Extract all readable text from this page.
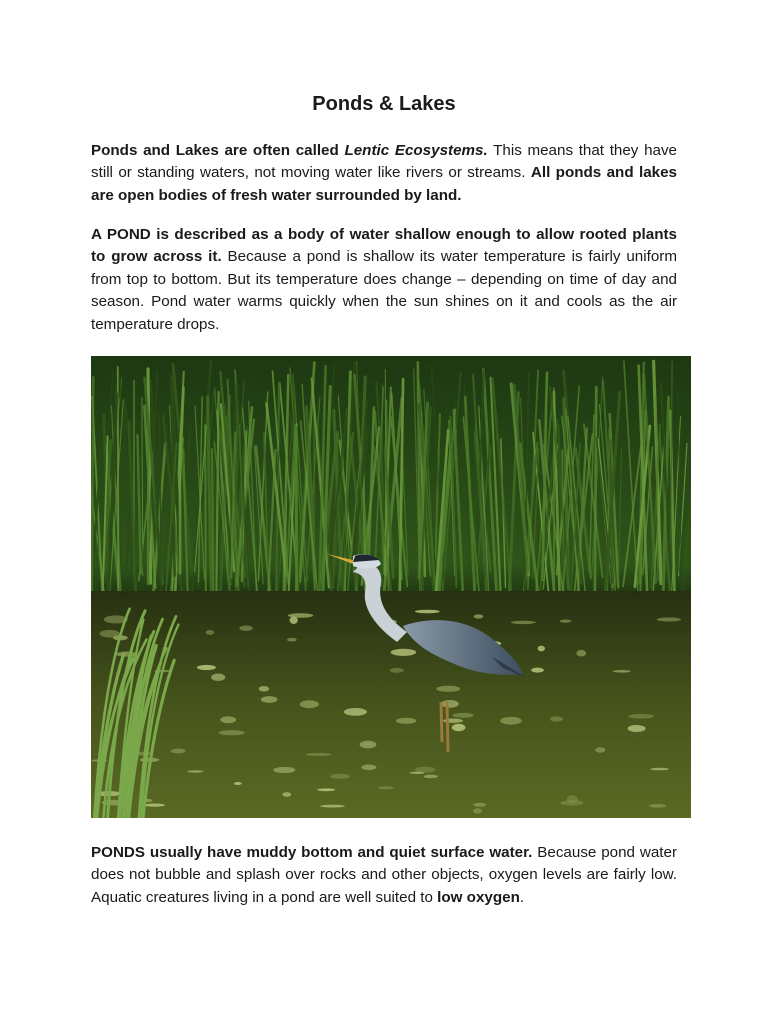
Ponds & Lakes

Ponds and Lakes are often called Lentic Ecosystems. This means that they have still or standing waters, not moving water like rivers or streams. All ponds and lakes are open bodies of fresh water surrounded by land.

A POND is described as a body of water shallow enough to allow rooted plants to grow across it. Because a pond is shallow its water temperature is fairly uniform from top to bottom. But its temperature does change – depending on time of day and season. Pond water warms quickly when the sun shines on it and cools as the air temperature drops.

PONDS usually have muddy bottom and quiet surface water. Because pond water does not bubble and splash over rocks and other objects, oxygen levels are fairly low. Aquatic creatures living in a pond are well suited to low oxygen.
